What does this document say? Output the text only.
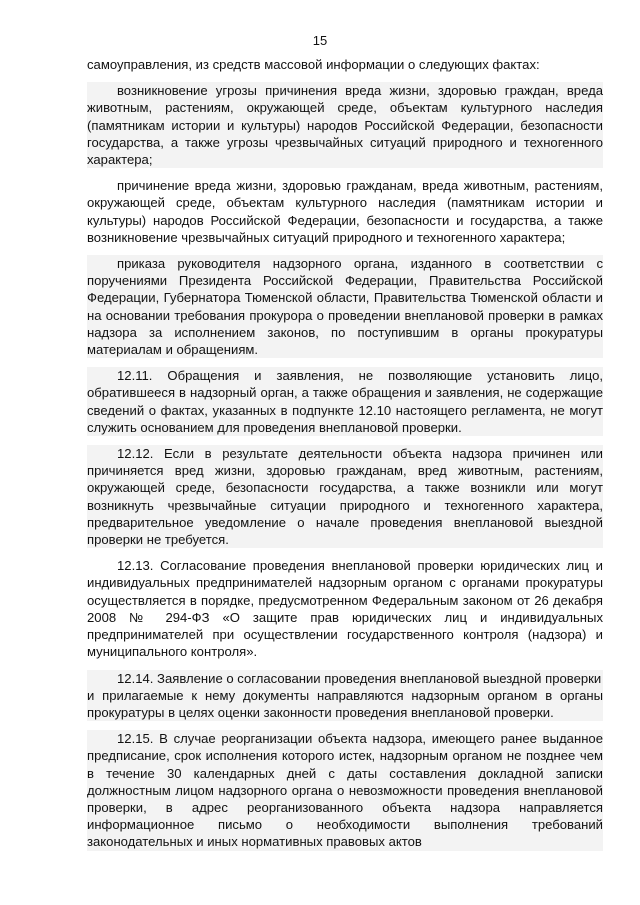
15

самоуправления, из средств массовой информации о следующих фактах:

возникновение угрозы причинения вреда жизни, здоровью граждан, вреда животным, растениям, окружающей среде, объектам культурного наследия (памятникам истории и культуры) народов Российской Федерации, безопасности государства, а также угрозы чрезвычайных ситуаций природного и техногенного характера;

причинение вреда жизни, здоровью гражданам, вреда животным, растениям, окружающей среде, объектам культурного наследия (памятникам истории и культуры) народов Российской Федерации, безопасности и государства, а также возникновение чрезвычайных ситуаций природного и техногенного характера;

приказа руководителя надзорного органа, изданного в соответствии с поручениями Президента Российской Федерации, Правительства Российской Федерации, Губернатора Тюменской области, Правительства Тюменской области и на основании требования прокурора о проведении внеплановой проверки в рамках надзора за исполнением законов, по поступившим в органы прокуратуры материалам и обращениям.

12.11. Обращения и заявления, не позволяющие установить лицо, обратившееся в надзорный орган, а также обращения и заявления, не содержащие сведений о фактах, указанных в подпункте 12.10 настоящего регламента, не могут служить основанием для проведения внеплановой проверки.

12.12. Если в результате деятельности объекта надзора причинен или причиняется вред жизни, здоровью гражданам, вред животным, растениям, окружающей среде, безопасности государства, а также возникли или могут возникнуть чрезвычайные ситуации природного и техногенного характера, предварительное уведомление о начале проведения внеплановой выездной проверки не требуется.

12.13. Согласование проведения внеплановой проверки юридических лиц и индивидуальных предпринимателей надзорным органом с органами прокуратуры осуществляется в порядке, предусмотренном Федеральным законом от 26 декабря 2008 № 294-ФЗ «О защите прав юридических лиц и индивидуальных предпринимателей при осуществлении государственного контроля (надзора) и муниципального контроля».

12.14. Заявление о согласовании проведения внеплановой выездной проверки

и прилагаемые к нему документы направляются надзорным органом в органы прокуратуры в целях оценки законности проведения внеплановой проверки.

12.15. В случае реорганизации объекта надзора, имеющего ранее выданное предписание, срок исполнения которого истек, надзорным органом не позднее чем в течение 30 календарных дней с даты составления докладной записки должностным лицом надзорного органа о невозможности проведения внеплановой проверки, в адрес реорганизованного объекта надзора направляется информационное письмо о необходимости выполнения требований законодательных и иных нормативных правовых актов
